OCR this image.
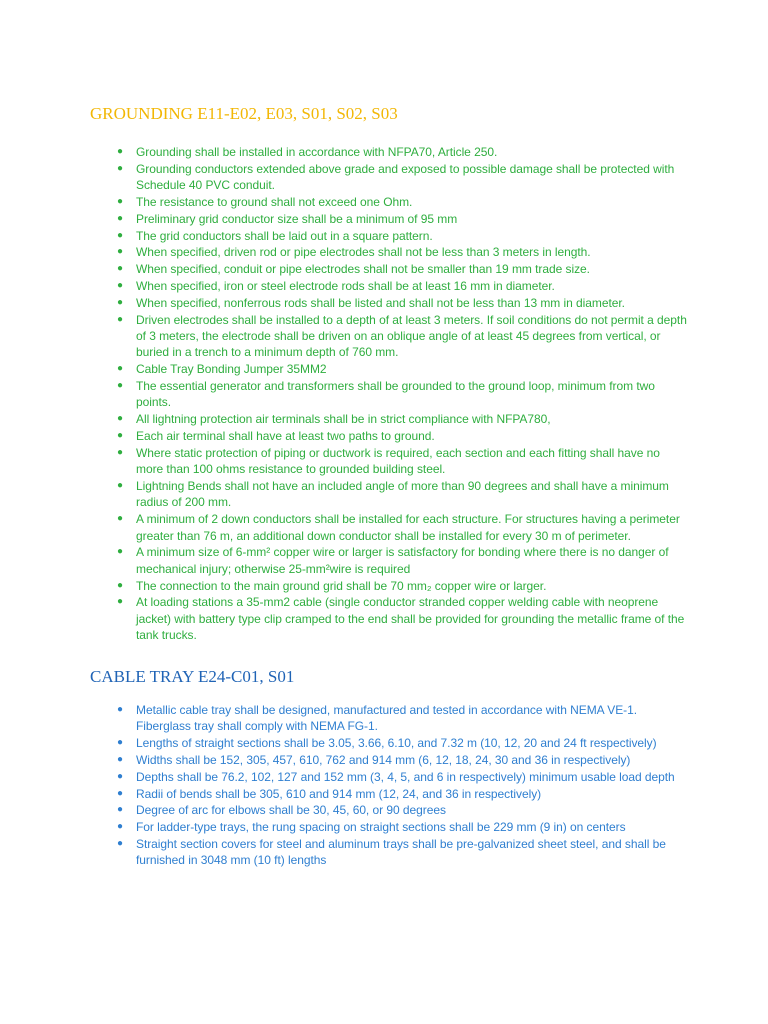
GROUNDING E11-E02, E03, S01, S02, S03
● Grounding shall be installed in accordance with NFPA70, Article 250.
● Grounding conductors extended above grade and exposed to possible damage shall be protected with Schedule 40 PVC conduit.
● The resistance to ground shall not exceed one Ohm.
● Preliminary grid conductor size shall be a minimum of 95 mm
● The grid conductors shall be laid out in a square pattern.
● When specified, driven rod or pipe electrodes shall not be less than 3 meters in length.
● When specified, conduit or pipe electrodes shall not be smaller than 19 mm trade size.
● When specified, iron or steel electrode rods shall be at least 16 mm in diameter.
● When specified, nonferrous rods shall be listed and shall not be less than 13 mm in diameter.
● Driven electrodes shall be installed to a depth of at least 3 meters. If soil conditions do not permit a depth of 3 meters, the electrode shall be driven on an oblique angle of at least 45 degrees from vertical, or buried in a trench to a minimum depth of 760 mm.
● Cable Tray Bonding Jumper 35MM2
● The essential generator and transformers shall be grounded to the ground loop, minimum from two points.
● All lightning protection air terminals shall be in strict compliance with NFPA780,
● Each air terminal shall have at least two paths to ground.
● Where static protection of piping or ductwork is required, each section and each fitting shall have no more than 100 ohms resistance to grounded building steel.
● Lightning Bends shall not have an included angle of more than 90 degrees and shall have a minimum radius of 200 mm.
● A minimum of 2 down conductors shall be installed for each structure. For structures having a perimeter greater than 76 m, an additional down conductor shall be installed for every 30 m of perimeter.
● A minimum size of 6-mm² copper wire or larger is satisfactory for bonding where there is no danger of mechanical injury; otherwise 25-mm²wire is required
● The connection to the main ground grid shall be 70 mm₂ copper wire or larger.
● At loading stations a 35-mm2 cable (single conductor stranded copper welding cable with neoprene jacket) with battery type clip cramped to the end shall be provided for grounding the metallic frame of the tank trucks.
CABLE TRAY E24-C01, S01
● Metallic cable tray shall be designed, manufactured and tested in accordance with NEMA VE-1. Fiberglass tray shall comply with NEMA FG-1.
● Lengths of straight sections shall be 3.05, 3.66, 6.10, and 7.32 m (10, 12, 20 and 24 ft respectively)
● Widths shall be 152, 305, 457, 610, 762 and 914 mm (6, 12, 18, 24, 30 and 36 in respectively)
● Depths shall be 76.2, 102, 127 and 152 mm (3, 4, 5, and 6 in respectively) minimum usable load depth
● Radii of bends shall be 305, 610 and 914 mm (12, 24, and 36 in respectively)
● Degree of arc for elbows shall be 30, 45, 60, or 90 degrees
● For ladder-type trays, the rung spacing on straight sections shall be 229 mm (9 in) on centers
● Straight section covers for steel and aluminum trays shall be pre-galvanized sheet steel, and shall be furnished in 3048 mm (10 ft) lengths
